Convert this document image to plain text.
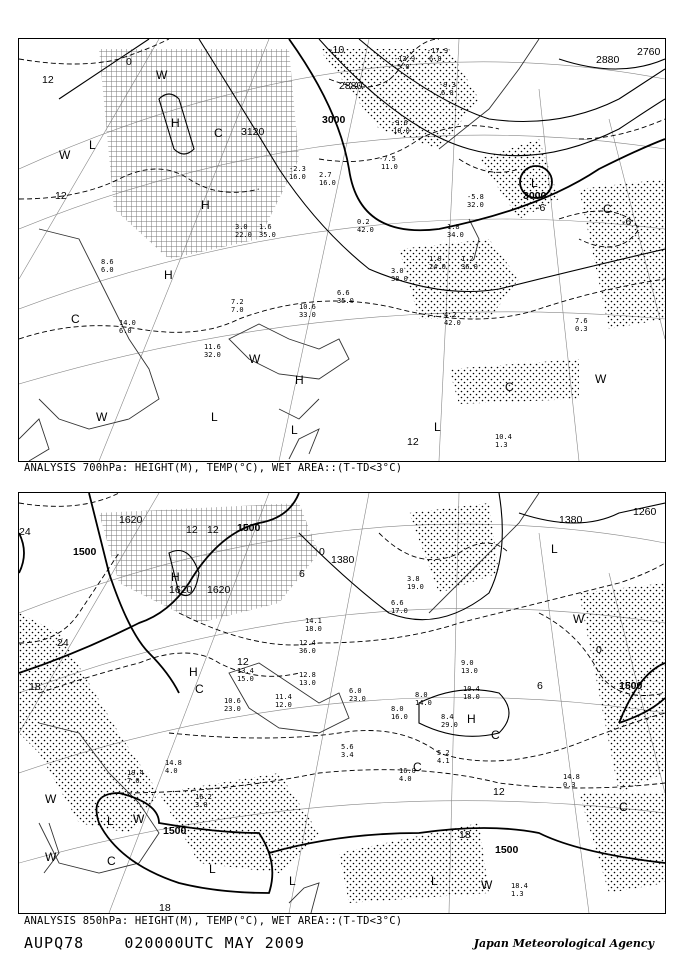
-12.9
5.0
-17.9
6.0
-9.3
6.0
-9.6
10.0
-7.5
11.0
2.7
16.0
-2.3
16.0
3.0
22.0
1.6
35.0
0.2
42.0	1.8
34.0
1.2
36.0
4.2
42.0
6.6
35.0
10.6
33.0
7.2
7.0
8.6
6.0
14.0
6.0
11.6
32.0
7.6
0.3
10.4
1.3
3.0
38.0
1.0
24.0
-5.8
32.0
3000
3000
3120
2880
2880
2760
-10
-6
0
12
12
-6
12
H
H
H
H
L
L
L
L
W
W
W
W
W
C
C
C
C
L
ANALYSIS 700hPa: HEIGHT(M), TEMP(°C), WET AREA::(T-TD<3°C)
13.4
15.0	12.8
13.0
11.4
12.0
10.6
23.0
14.1
18.0
12.4
36.0
6.6
17.0
3.8
19.0
6.0
23.0	8.0
14.0
8.0
16.0
9.0
13.0
10.4
18.0
8.4
29.0
5.2
4.1
14.8
0.3
19.4
7.0
16.2
3.0
14.8
4.0
18.4
1.3
5.6
3.4
16.0
4.0
1500
1500
1500
1500
1500
1380
1380
1260
1620 1620
1620
24
24
18
12 12
6
0
12
18
18
12
6
0
H
H
H
L
L
L
L
L
W
W
W
W
W
C
C
C
C
C
ANALYSIS 850hPa: HEIGHT(M), TEMP(°C), WET AREA::(T-TD<3°C)
AUPQ78	020000UTC MAY 2009	Japan Meteorological Agency
